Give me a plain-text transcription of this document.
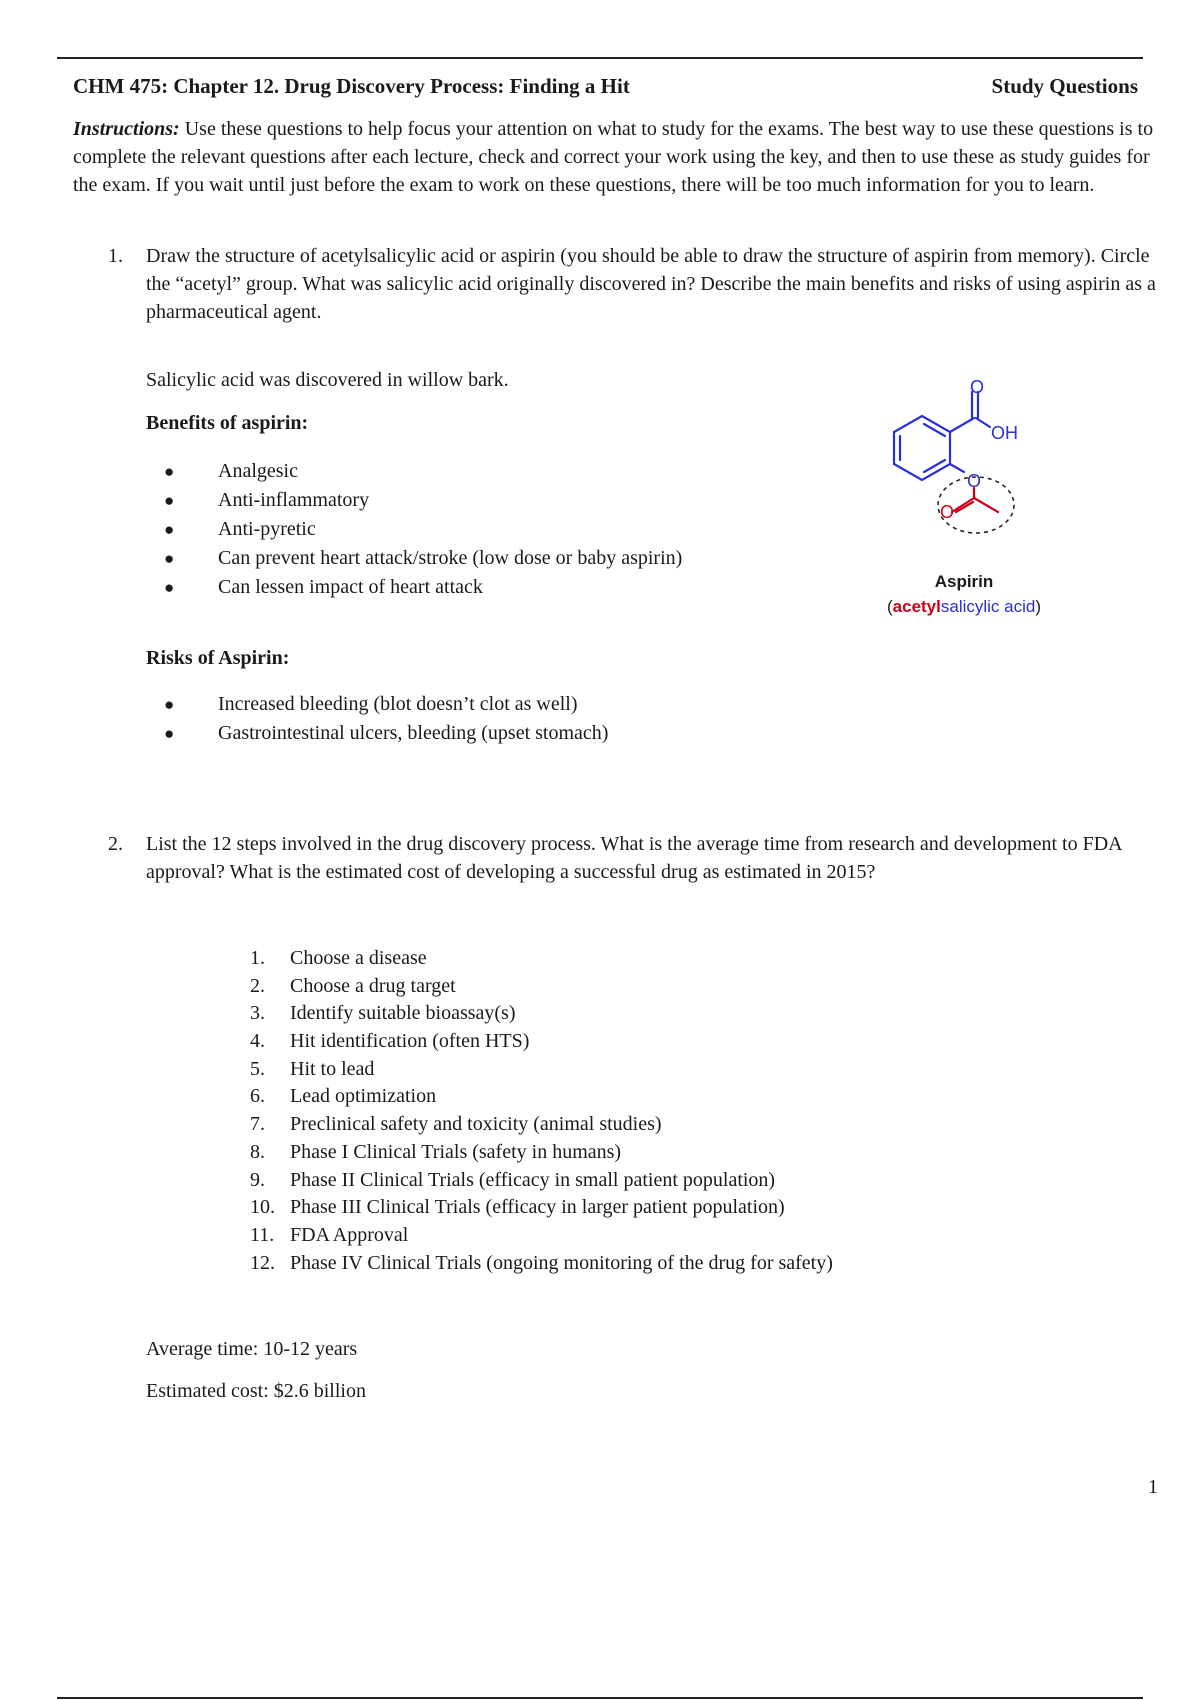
CHM 475: Chapter 12. Drug Discovery Process: Finding a Hit	Study Questions
Instructions: Use these questions to help focus your attention on what to study for the exams. The best way to use these questions is to complete the relevant questions after each lecture, check and correct your work using the key, and then to use these as study guides for the exam. If you wait until just before the exam to work on these questions, there will be too much information for you to learn.
1. Draw the structure of acetylsalicylic acid or aspirin (you should be able to draw the structure of aspirin from memory). Circle the “acetyl” group. What was salicylic acid originally discovered in? Describe the main benefits and risks of using aspirin as a pharmaceutical agent.
Salicylic acid was discovered in willow bark.
Benefits of aspirin:
● Analgesic
● Anti-inflammatory
● Anti-pyretic
● Can prevent heart attack/stroke (low dose or baby aspirin)
● Can lessen impact of heart attack
Risks of Aspirin:
● Increased bleeding (blot doesn’t clot as well)
● Gastrointestinal ulcers, bleeding (upset stomach)
O
OH
O
O
Aspirin
(acetylsalicylic acid)
2. List the 12 steps involved in the drug discovery process. What is the average time from research and development to FDA approval? What is the estimated cost of developing a successful drug as estimated in 2015?
1. Choose a disease
2. Choose a drug target
3. Identify suitable bioassay(s)
4. Hit identification (often HTS)
5. Hit to lead
6. Lead optimization
7. Preclinical safety and toxicity (animal studies)
8. Phase I Clinical Trials (safety in humans)
9. Phase II Clinical Trials (efficacy in small patient population)
10. Phase III Clinical Trials (efficacy in larger patient population)
11. FDA Approval
12. Phase IV Clinical Trials (ongoing monitoring of the drug for safety)
Average time: 10-12 years
Estimated cost: $2.6 billion
1
